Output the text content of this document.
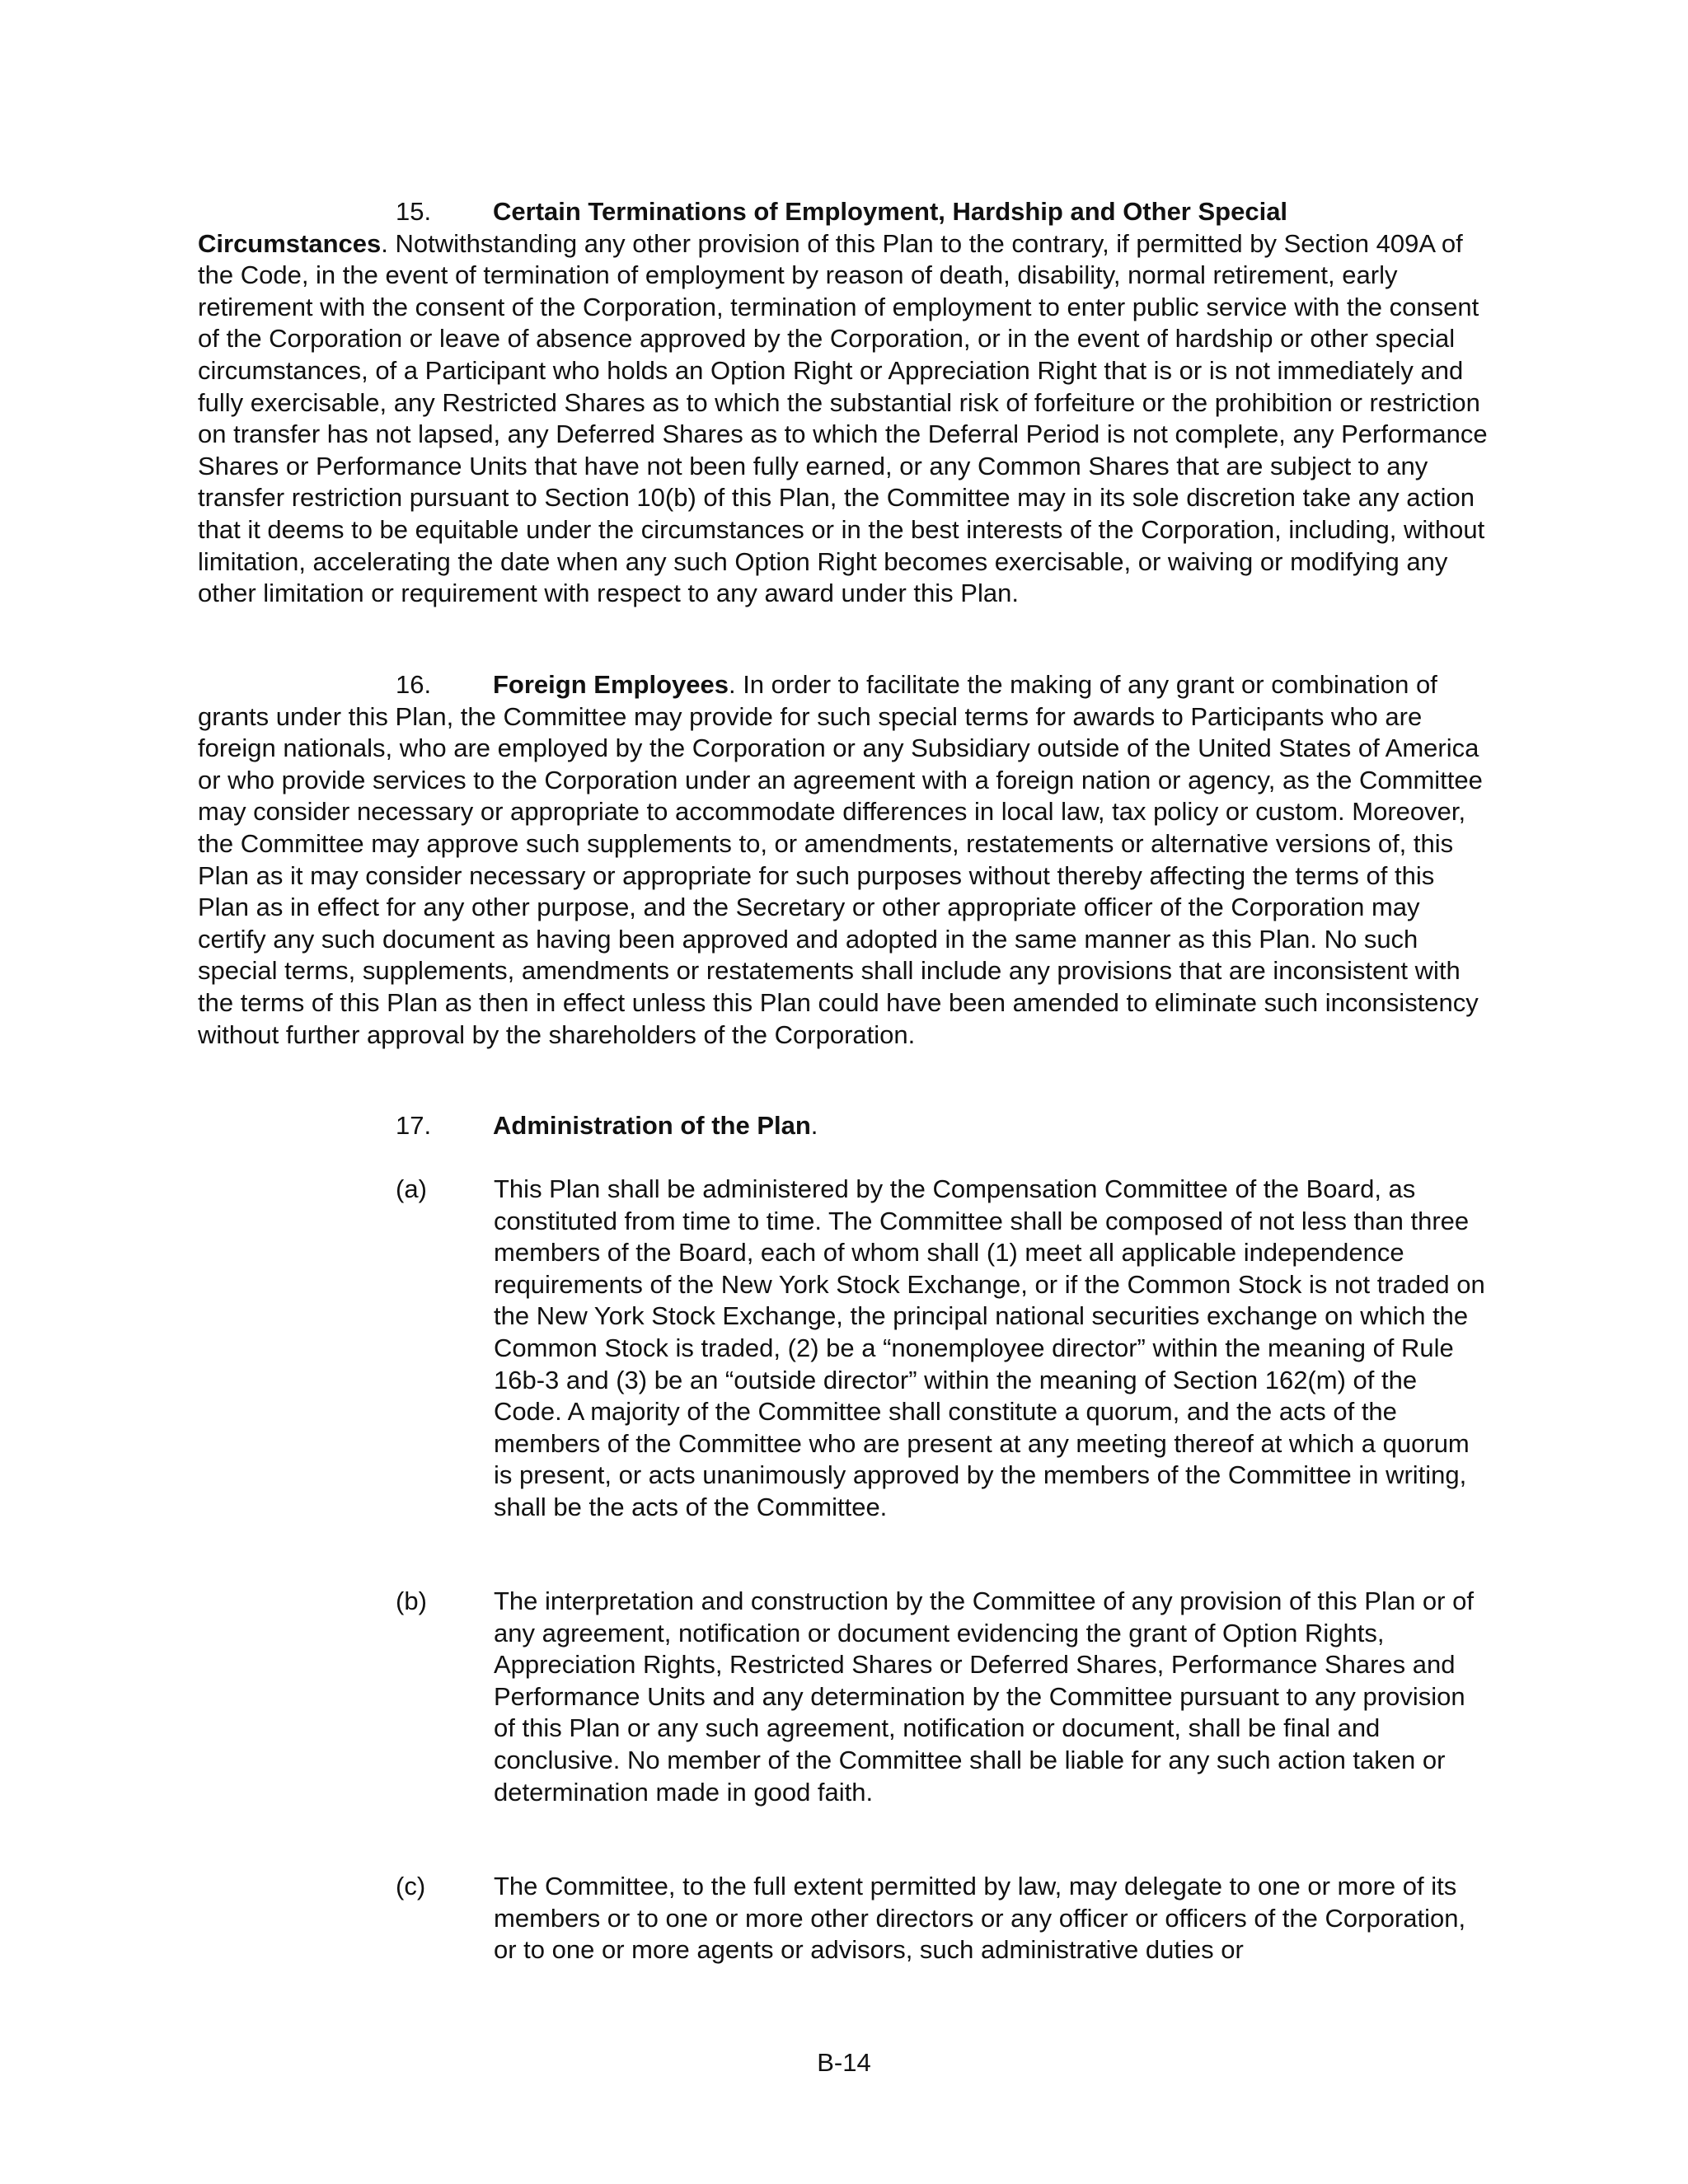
15. Certain Terminations of Employment, Hardship and Other Special
Circumstances. Notwithstanding any other provision of this Plan to the contrary, if permitted by Section 409A of the Code, in the event of termination of employment by reason of death, disability, normal retirement, early retirement with the consent of the Corporation, termination of employment to enter public service with the consent of the Corporation or leave of absence approved by the Corporation, or in the event of hardship or other special circumstances, of a Participant who holds an Option Right or Appreciation Right that is or is not immediately and fully exercisable, any Restricted Shares as to which the substantial risk of forfeiture or the prohibition or restriction on transfer has not lapsed, any Deferred Shares as to which the Deferral Period is not complete, any Performance Shares or Performance Units that have not been fully earned, or any Common Shares that are subject to any transfer restriction pursuant to Section 10(b) of this Plan, the Committee may in its sole discretion take any action that it deems to be equitable under the circumstances or in the best interests of the Corporation, including, without limitation, accelerating the date when any such Option Right becomes exercisable, or waiving or modifying any other limitation or requirement with respect to any award under this Plan.
16. Foreign Employees. In order to facilitate the making of any grant or combination of grants under this Plan, the Committee may provide for such special terms for awards to Participants who are foreign nationals, who are employed by the Corporation or any Subsidiary outside of the United States of America or who provide services to the Corporation under an agreement with a foreign nation or agency, as the Committee may consider necessary or appropriate to accommodate differences in local law, tax policy or custom. Moreover, the Committee may approve such supplements to, or amendments, restatements or alternative versions of, this Plan as it may consider necessary or appropriate for such purposes without thereby affecting the terms of this Plan as in effect for any other purpose, and the Secretary or other appropriate officer of the Corporation may certify any such document as having been approved and adopted in the same manner as this Plan. No such special terms, supplements, amendments or restatements shall include any provisions that are inconsistent with the terms of this Plan as then in effect unless this Plan could have been amended to eliminate such inconsistency without further approval by the shareholders of the Corporation.
17. Administration of the Plan.
(a)	This Plan shall be administered by the Compensation Committee of the Board, as constituted from time to time. The Committee shall be composed of not less than three members of the Board, each of whom shall (1) meet all applicable independence requirements of the New York Stock Exchange, or if the Common Stock is not traded on the New York Stock Exchange, the principal national securities exchange on which the Common Stock is traded, (2) be a “nonemployee director” within the meaning of Rule 16b-3 and (3) be an “outside director” within the meaning of Section 162(m) of the Code. A majority of the Committee shall constitute a quorum, and the acts of the members of the Committee who are present at any meeting thereof at which a quorum is present, or acts unanimously approved by the members of the Committee in writing, shall be the acts of the Committee.
(b)	The interpretation and construction by the Committee of any provision of this Plan or of any agreement, notification or document evidencing the grant of Option Rights, Appreciation Rights, Restricted Shares or Deferred Shares, Performance Shares and Performance Units and any determination by the Committee pursuant to any provision of this Plan or any such agreement, notification or document, shall be final and conclusive. No member of the Committee shall be liable for any such action taken or determination made in good faith.
(c)	The Committee, to the full extent permitted by law, may delegate to one or more of its members or to one or more other directors or any officer or officers of the Corporation, or to one or more agents or advisors, such administrative duties or
B-14
